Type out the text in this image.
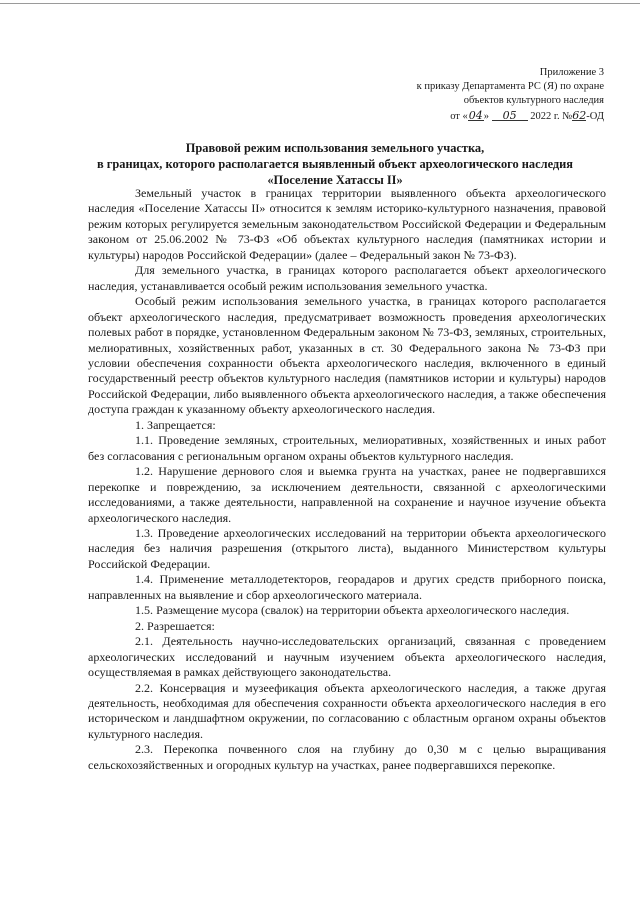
Приложение 3
к приказу Департамента РС (Я) по охране
объектов культурного наследия
от «04» 05 2022 г. №62-ОД
Правовой режим использования земельного участка,
в границах, которого располагается выявленный объект археологического наследия
«Поселение Хатассы II»

Земельный участок в границах территории выявленного объекта археологического наследия «Поселение Хатассы II» относится к землям историко-культурного назначения, правовой режим которых регулируется земельным законодательством Российской Федерации и Федеральным законом от 25.06.2002 № 73-ФЗ «Об объектах культурного наследия (памятниках истории и культуры) народов Российской Федерации» (далее – Федеральный закон № 73-ФЗ).

Для земельного участка, в границах которого располагается объект археологического наследия, устанавливается особый режим использования земельного участка.

Особый режим использования земельного участка, в границах которого располагается объект археологического наследия, предусматривает возможность проведения археологических полевых работ в порядке, установленном Федеральным законом № 73-ФЗ, земляных, строительных, мелиоративных, хозяйственных работ, указанных в ст. 30 Федерального закона № 73-ФЗ при условии обеспечения сохранности объекта археологического наследия, включенного в единый государственный реестр объектов культурного наследия (памятников истории и культуры) народов Российской Федерации, либо выявленного объекта археологического наследия, а также обеспечения доступа граждан к указанному объекту археологического наследия.

1. Запрещается:

1.1. Проведение земляных, строительных, мелиоративных, хозяйственных и иных работ без согласования с региональным органом охраны объектов культурного наследия.

1.2. Нарушение дернового слоя и выемка грунта на участках, ранее не подвергавшихся перекопке и повреждению, за исключением деятельности, связанной с археологическими исследованиями, а также деятельности, направленной на сохранение и научное изучение объекта археологического наследия.

1.3. Проведение археологических исследований на территории объекта археологического наследия без наличия разрешения (открытого листа), выданного Министерством культуры Российской Федерации.

1.4. Применение металлодетекторов, георадаров и других средств приборного поиска, направленных на выявление и сбор археологического материала.

1.5. Размещение мусора (свалок) на территории объекта археологического наследия.

2. Разрешается:

2.1. Деятельность научно-исследовательских организаций, связанная с проведением археологических исследований и научным изучением объекта археологического наследия, осуществляемая в рамках действующего законодательства.

2.2. Консервация и музеефикация объекта археологического наследия, а также другая деятельность, необходимая для обеспечения сохранности объекта археологического наследия в его историческом и ландшафтном окружении, по согласованию с областным органом охраны объектов культурного наследия.

2.3. Перекопка почвенного слоя на глубину до 0,30 м с целью выращивания сельскохозяйственных и огородных культур на участках, ранее подвергавшихся перекопке.
